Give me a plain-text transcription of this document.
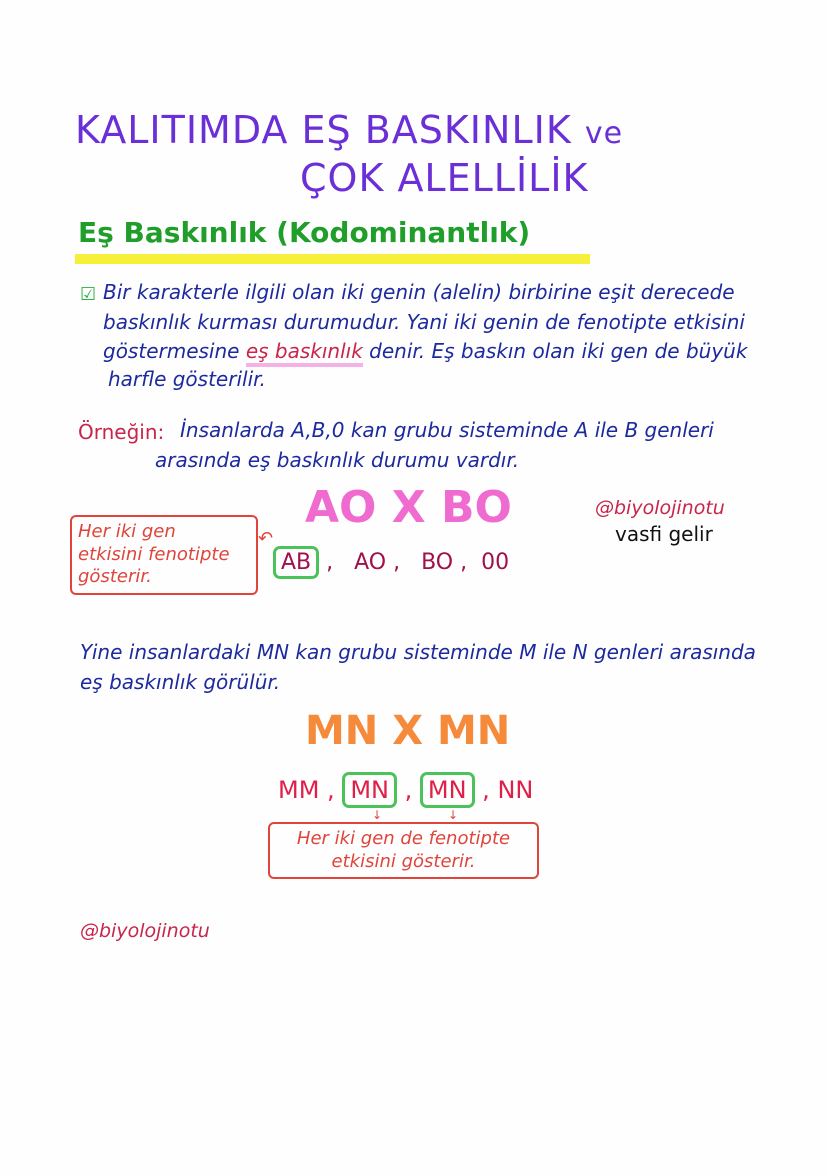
KALITIMDA EŞ BASKINLIK ve
ÇOK ALELLİLİK
Eş Baskınlık (Kodominantlık)
☑ Bir karakterle ilgili olan iki genin (alelin) birbirine eşit derecede
baskınlık kurması durumudur. Yani iki genin de fenotipte etkisini
göstermesine eş baskınlık denir. Eş baskın olan iki gen de büyük
harfle gösterilir.
Örneğin: İnsanlarda A,B,0 kan grubu sisteminde A ile B genleri
arasında eş baskınlık durumu vardır.
AO X BO	@biyolojinotu
vasfi gelir
Her iki gen
etkisini fenotipte
gösterir.
↶
AB ,   AO ,   BO ,  00
Yine insanlardaki MN kan grubu sisteminde M ile N genleri arasında
eş baskınlık görülür.
MN X MN
MM , MN , MN , NN
↓	↓
Her iki gen de fenotipte
etkisini gösterir.
@biyolojinotu
